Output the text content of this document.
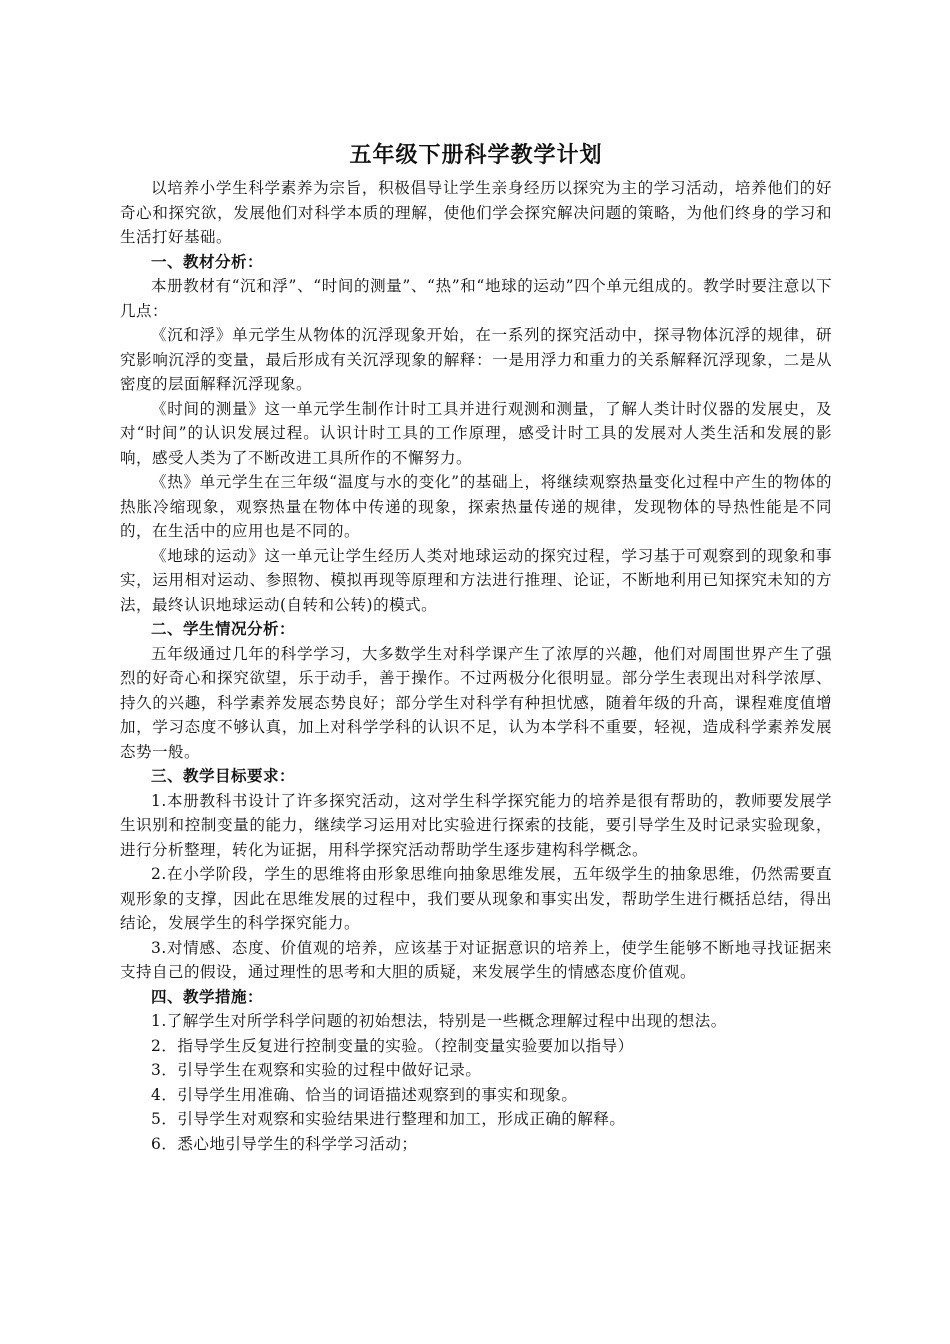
五年级下册科学教学计划

以培养小学生科学素养为宗旨，积极倡导让学生亲身经历以探究为主的学习活动，培养他们的好奇心和探究欲，发展他们对科学本质的理解，使他们学会探究解决问题的策略，为他们终身的学习和生活打好基础。

一、教材分析：

本册教材有“沉和浮”、“时间的测量”、“热”和“地球的运动”四个单元组成的。教学时要注意以下几点：

《沉和浮》单元学生从物体的沉浮现象开始，在一系列的探究活动中，探寻物体沉浮的规律，研究影响沉浮的变量，最后形成有关沉浮现象的解释：一是用浮力和重力的关系解释沉浮现象，二是从密度的层面解释沉浮现象。

《时间的测量》这一单元学生制作计时工具并进行观测和测量，了解人类计时仪器的发展史，及对“时间”的认识发展过程。认识计时工具的工作原理，感受计时工具的发展对人类生活和发展的影响，感受人类为了不断改进工具所作的不懈努力。

《热》单元学生在三年级“温度与水的变化”的基础上，将继续观察热量变化过程中产生的物体的热胀冷缩现象，观察热量在物体中传递的现象，探索热量传递的规律，发现物体的导热性能是不同的，在生活中的应用也是不同的。

《地球的运动》这一单元让学生经历人类对地球运动的探究过程，学习基于可观察到的现象和事实，运用相对运动、参照物、模拟再现等原理和方法进行推理、论证，不断地利用已知探究未知的方法，最终认识地球运动(自转和公转)的模式。

二、学生情况分析：

五年级通过几年的科学学习，大多数学生对科学课产生了浓厚的兴趣，他们对周围世界产生了强烈的好奇心和探究欲望，乐于动手，善于操作。不过两极分化很明显。部分学生表现出对科学浓厚、持久的兴趣，科学素养发展态势良好；部分学生对科学有种担忧感，随着年级的升高，课程难度值增加，学习态度不够认真，加上对科学学科的认识不足，认为本学科不重要，轻视，造成科学素养发展态势一般。

三、教学目标要求：

1.本册教科书设计了许多探究活动，这对学生科学探究能力的培养是很有帮助的，教师要发展学生识别和控制变量的能力，继续学习运用对比实验进行探索的技能，要引导学生及时记录实验现象，进行分析整理，转化为证据，用科学探究活动帮助学生逐步建构科学概念。

2.在小学阶段，学生的思维将由形象思维向抽象思维发展，五年级学生的抽象思维，仍然需要直观形象的支撑，因此在思维发展的过程中，我们要从现象和事实出发，帮助学生进行概括总结，得出结论，发展学生的科学探究能力。

3.对情感、态度、价值观的培养，应该基于对证据意识的培养上，使学生能够不断地寻找证据来支持自己的假设，通过理性的思考和大胆的质疑，来发展学生的情感态度价值观。

四、教学措施：

1.了解学生对所学科学问题的初始想法，特别是一些概念理解过程中出现的想法。

2．指导学生反复进行控制变量的实验。（控制变量实验要加以指导）

3．引导学生在观察和实验的过程中做好记录。

4．引导学生用准确、恰当的词语描述观察到的事实和现象。

5．引导学生对观察和实验结果进行整理和加工，形成正确的解释。

6．悉心地引导学生的科学学习活动；
